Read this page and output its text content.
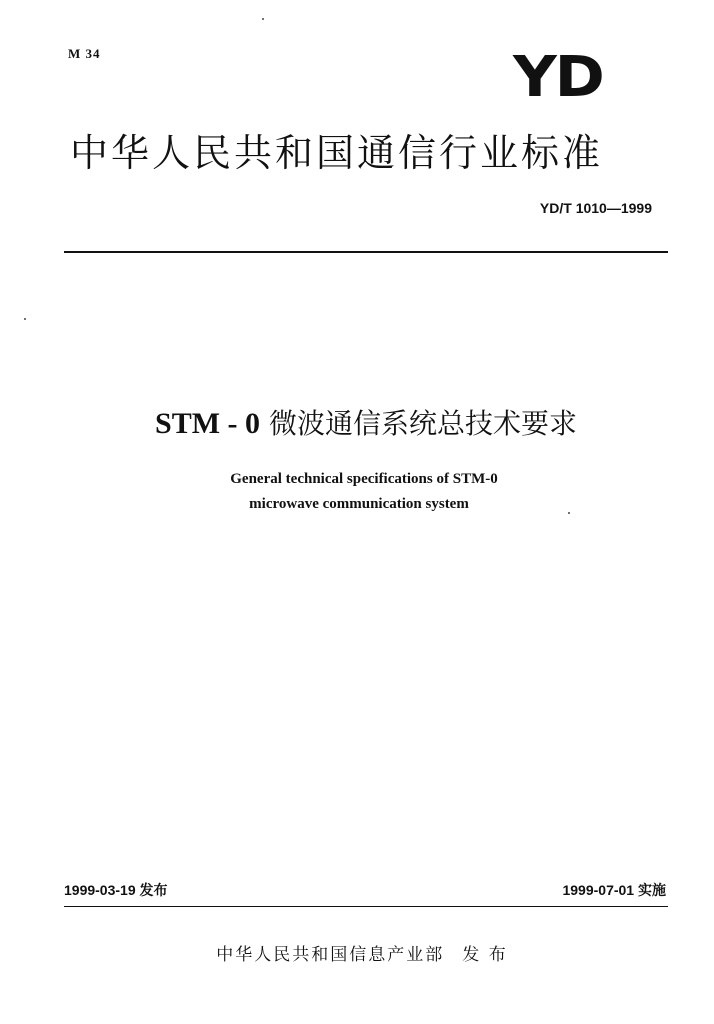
M 34	YD
中华人民共和国通信行业标准
YD/T 1010—1999
STM - 0 微波通信系统总技术要求
General technical specifications of STM-0
microwave communication system
1999-03-19 发布	1999-07-01 实施
中华人民共和国信息产业部 发 布
